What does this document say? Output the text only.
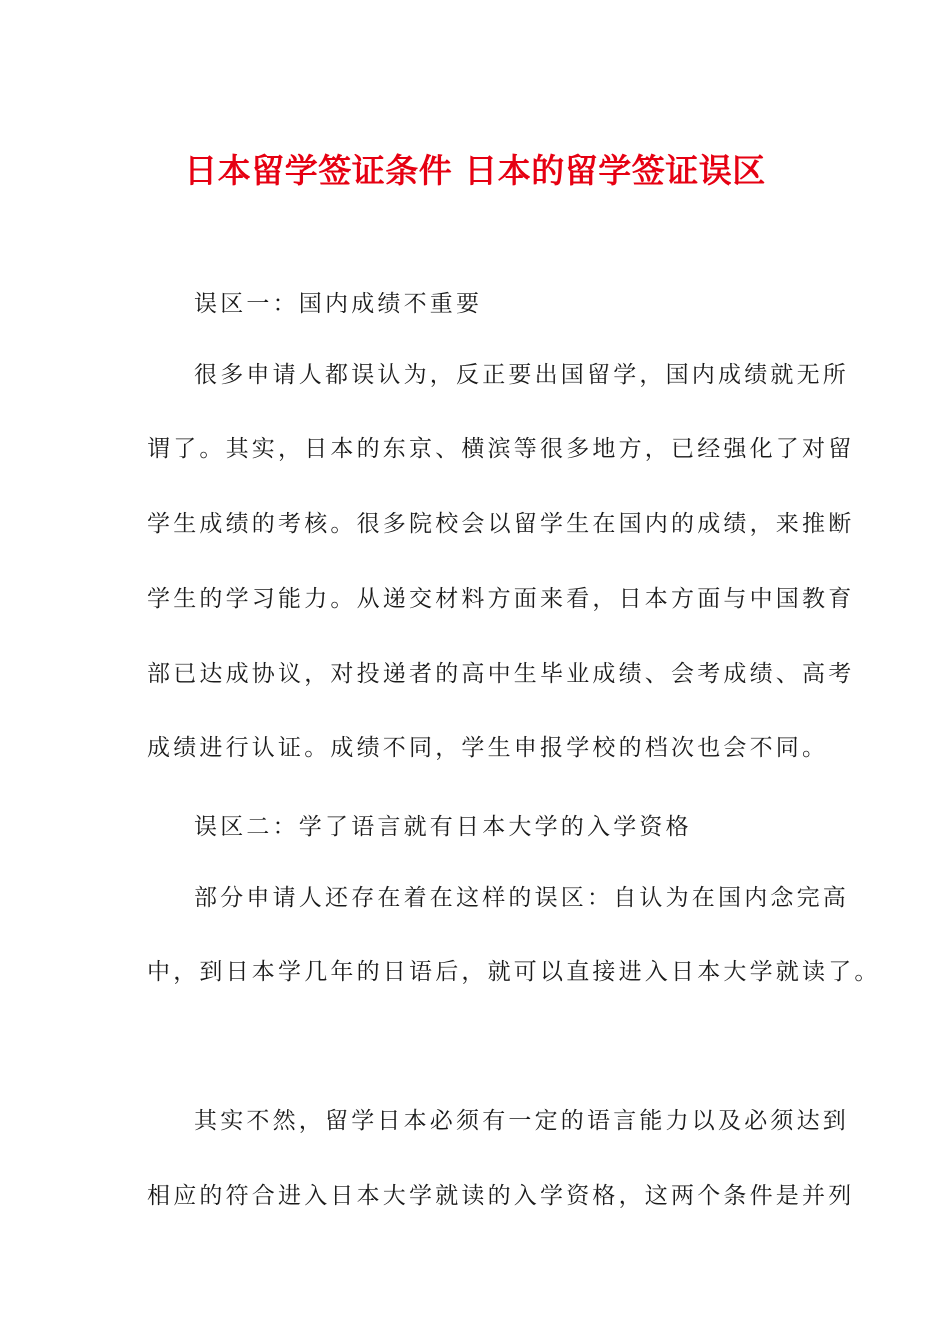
日本留学签证条件 日本的留学签证误区

误区一：国内成绩不重要

很多申请人都误认为，反正要出国留学，国内成绩就无所

谓了。其实，日本的东京、横滨等很多地方，已经强化了对留

学生成绩的考核。很多院校会以留学生在国内的成绩，来推断

学生的学习能力。从递交材料方面来看，日本方面与中国教育

部已达成协议，对投递者的高中生毕业成绩、会考成绩、高考

成绩进行认证。成绩不同，学生申报学校的档次也会不同。

误区二：学了语言就有日本大学的入学资格

部分申请人还存在着在这样的误区：自认为在国内念完高

中，到日本学几年的日语后，就可以直接进入日本大学就读了。

其实不然，留学日本必须有一定的语言能力以及必须达到

相应的符合进入日本大学就读的入学资格，这两个条件是并列
